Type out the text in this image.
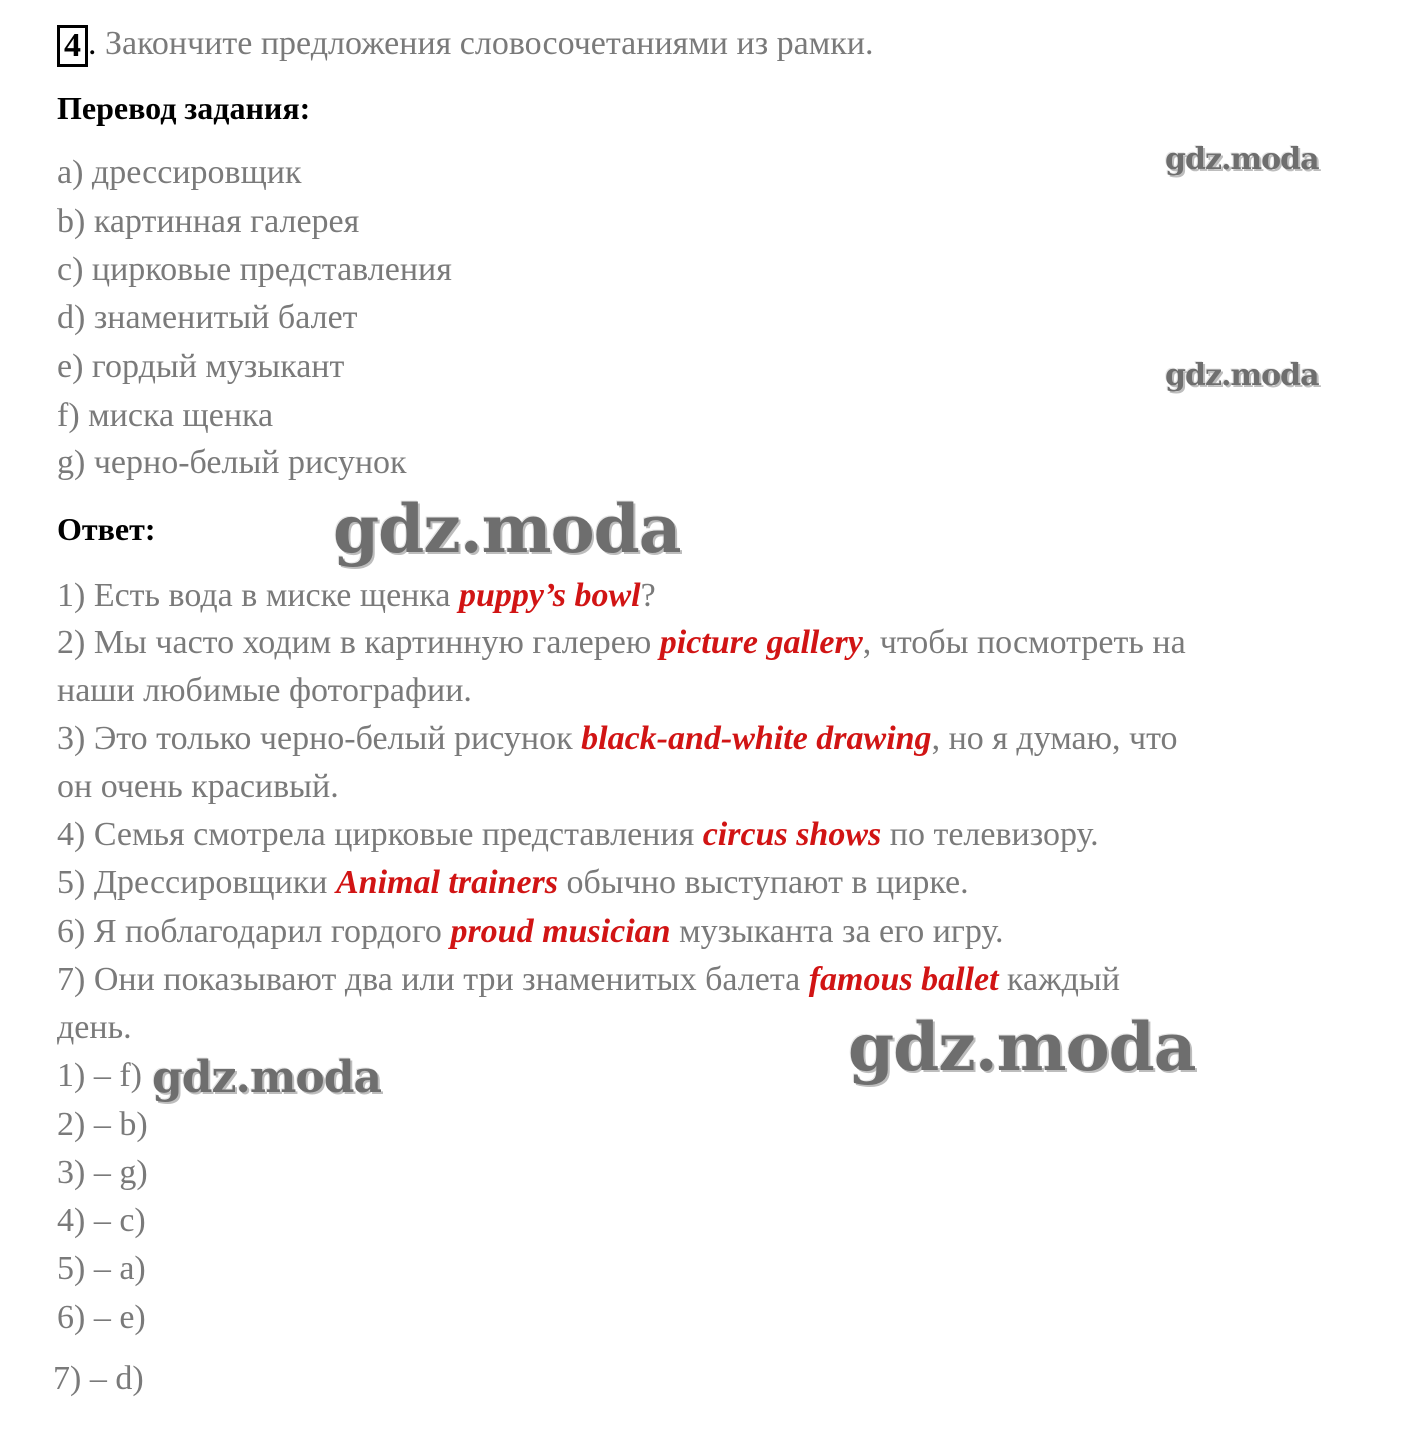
4 . Закончите предложения словосочетаниями из рамки.
Перевод задания:
a) дрессировщик
b) картинная галерея
c) цирковые представления
d) знаменитый балет
e) гордый музыкант
f) миска щенка
g) черно-белый рисунок
Ответ:
1) Есть вода в миске щенка puppy’s bowl?
2) Мы часто ходим в картинную галерею picture gallery, чтобы посмотреть на
наши любимые фотографии.
3) Это только черно-белый рисунок black-and-white drawing, но я думаю, что
он очень красивый.
4) Семья смотрела цирковые представления circus shows по телевизору.
5) Дрессировщики Animal trainers обычно выступают в цирке.
6) Я поблагодарил гордого proud musician музыканта за его игру.
7) Они показывают два или три знаменитых балета famous ballet каждый
день.
1) – f)
2) – b)
3) – g)
4) – c)
5) – a)
6) – e)
7) – d)
gdz.moda
gdz.moda
gdz.moda
gdz.moda	gdz.moda
